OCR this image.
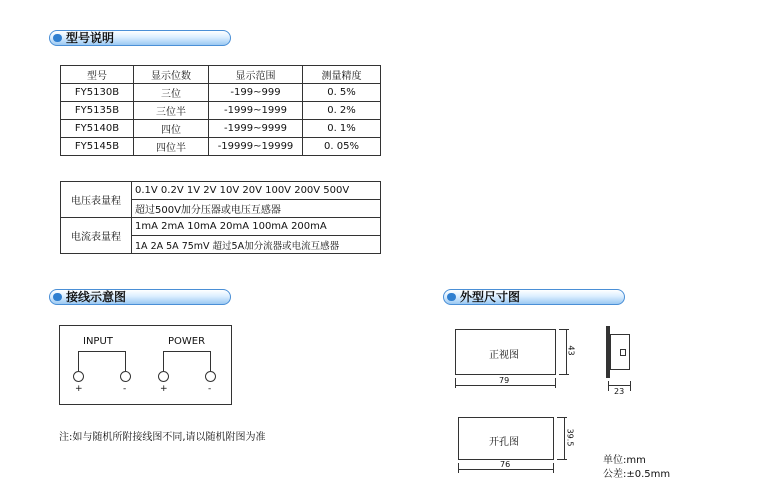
型号说明
接线示意图	外型尺寸图
型号	显示位数	显示范围	测量精度
FY5130B	三位	-199~999	0. 5%
FY5135B	三位半	-1999~1999	0. 2%
FY5140B	四位	-1999~9999	0. 1%
FY5145B	四位半	-19999~19999	0. 05%
电压表量程	0.1V 0.2V 1V 2V 10V 20V 100V 200V 500V
	超过500V加分压器或电压互感器
电流表量程	1mA 2mA 10mA 20mA 100mA 200mA
	1A 2A 5A 75mV 超过5A加分流器或电流互感器
INPUT	POWER
+	-	+	-
注:如与随机所附接线图不同,请以随机附图为准
正视图
79
43
23
开孔图
76
39.5
单位:mm
公差:±0.5mm
